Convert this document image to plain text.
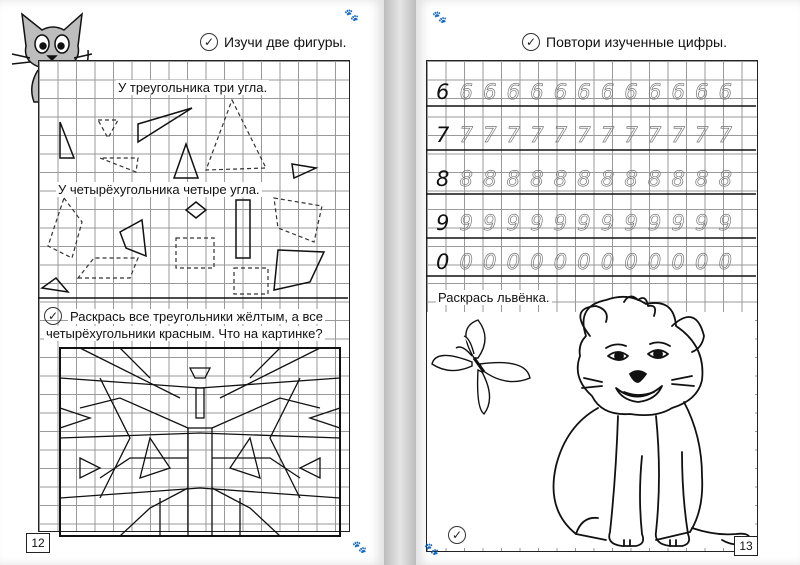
🐾
✓ Изучи две фигуры.
У треугольника три угла.
У четырёхугольника четыре угла.
✓ Раскрась все треугольники жёлтым, а все
четырёхугольники красным. Что на картинке?
12	🐾
🐾
✓ Повтори изученные цифры.
6 6 6 6 6 6 6 6 6 6 6 6 6
7 7 7 7 7 7 7 7 7 7 7 7 7
8 8 8 8 8 8 8 8 8 8 8 8 8
9 9 9 9 9 9 9 9 9 9 9 9 9
0 0 0 0 0 0 0 0 0 0 0 0 0
Раскрась львёнка.
✓
13
🐾
